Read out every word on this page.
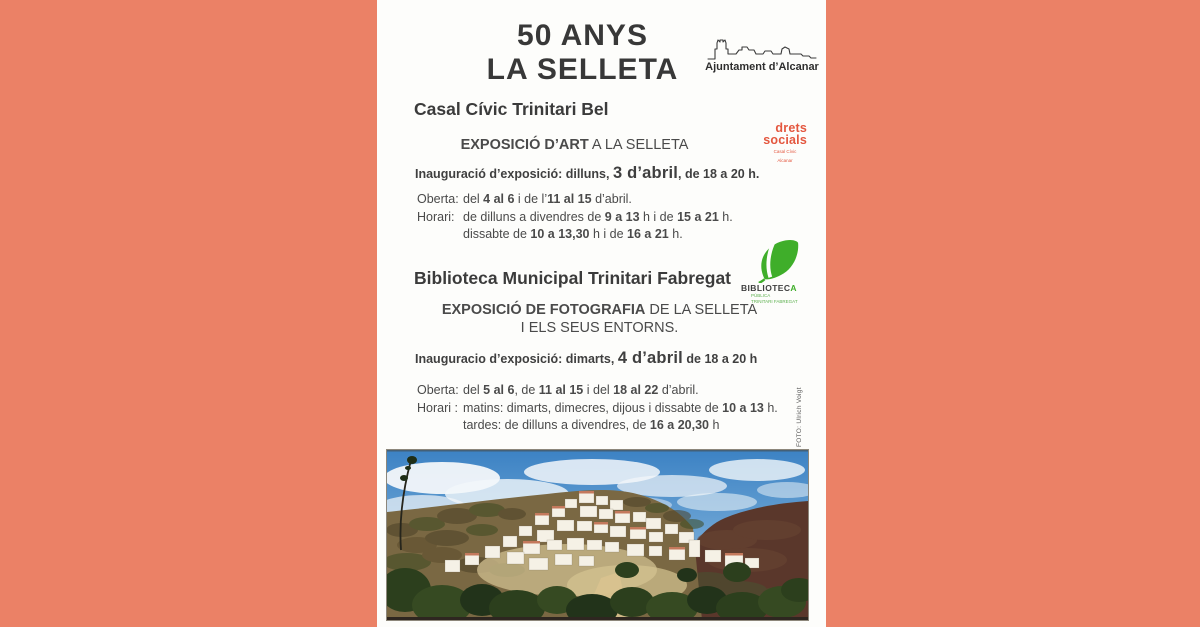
50 ANYS
LA SELLETA	Ajuntament d’Alcanar
Casal Cívic Trinitari Bel
EXPOSICIÓ D’ART A LA SELLETA
drets
socials
Casal Cívic
Alcanar
Inauguració d’exposició: dilluns, 3 d’abril, de 18 a 20 h.
Oberta: del 4 al 6 i de l’11 al 15 d’abril.
Horari: de dilluns a divendres de 9 a 13 h i de 15 a 21 h.
dissabte de 10 a 13,30 h i de 16 a 21 h.
Biblioteca Municipal Trinitari Fabregat BIBLIOTECA
PÚBLICA
TRINITARI FABREGAT
EXPOSICIÓ DE FOTOGRAFIA DE LA SELLETA
I ELS SEUS ENTORNS.
Inauguracio d’exposició: dimarts, 4 d’abril de 18 a 20 h
Oberta: del 5 al 6, de 11 al 15 i del 18 al 22 d’abril.
Horari : matins: dimarts, dimecres, dijous i dissabte de 10 a 13 h.
tardes: de dilluns a divendres, de 16 a 20,30 h	FOTO: Ulrich Voigt
